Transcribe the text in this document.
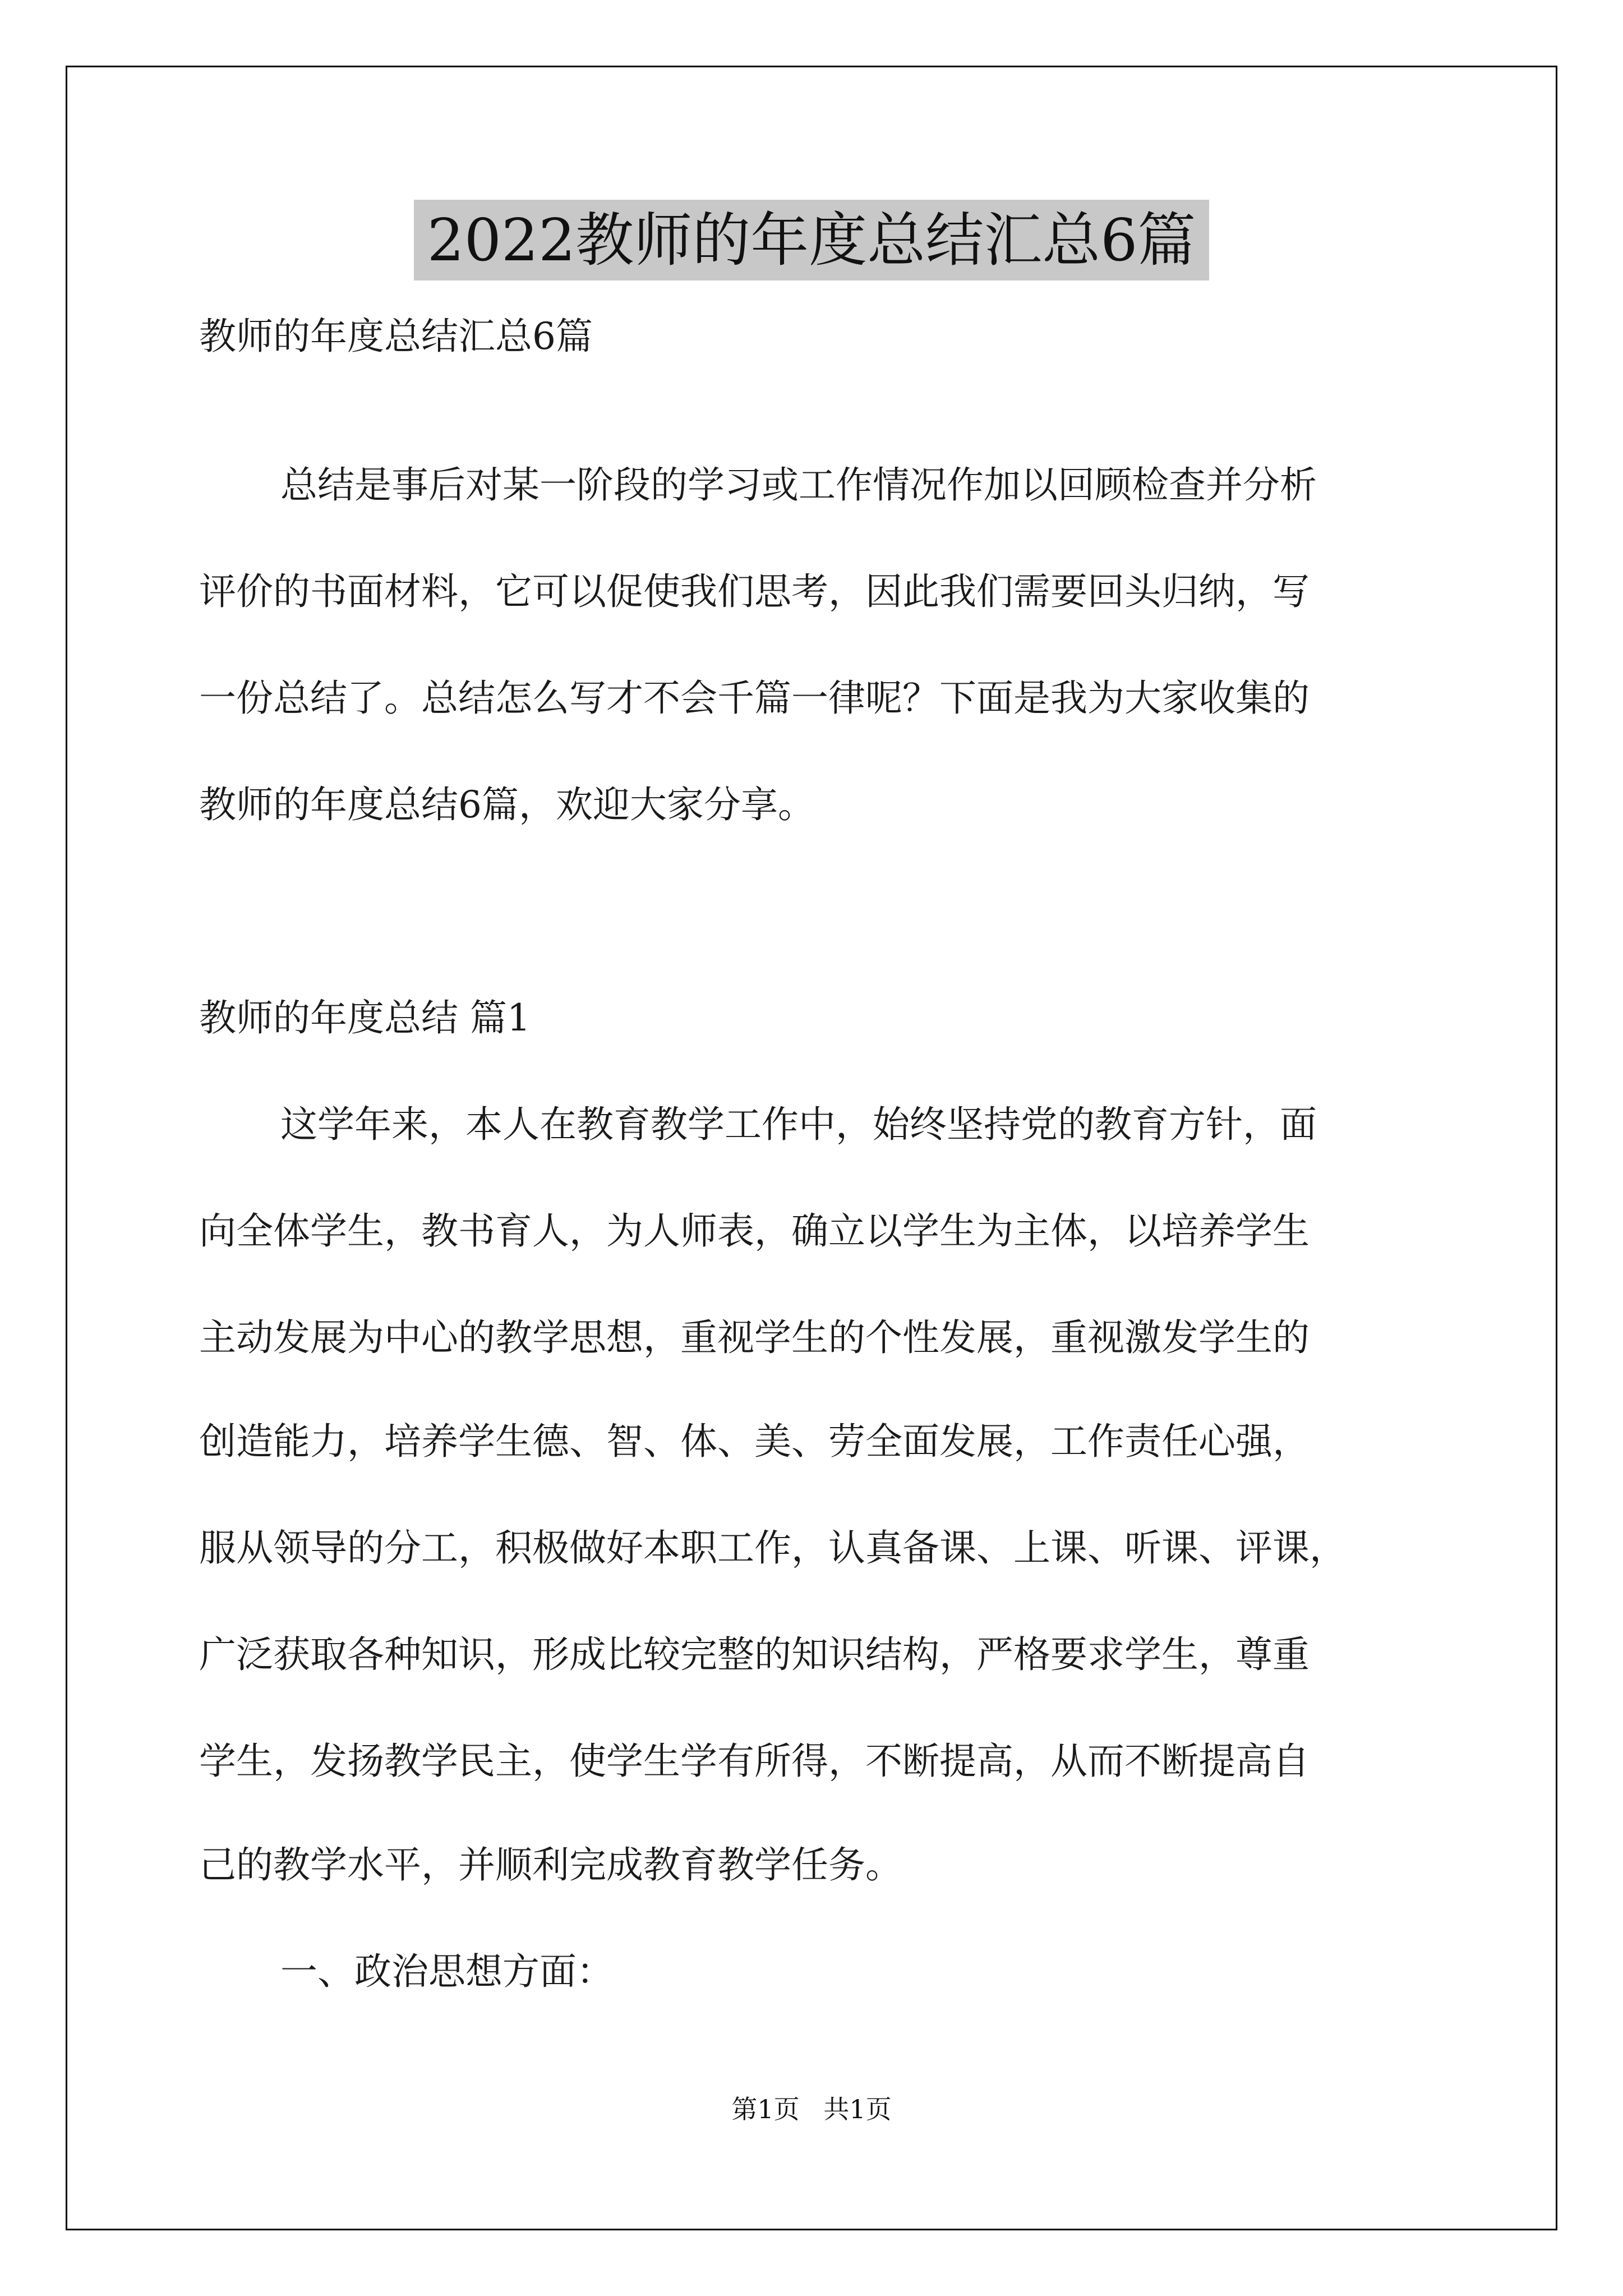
2022教师的年度总结汇总6篇
教师的年度总结汇总6篇
总结是事后对某一阶段的学习或工作情况作加以回顾检查并分析
评价的书面材料，它可以促使我们思考，因此我们需要回头归纳，写
一份总结了。总结怎么写才不会千篇一律呢？下面是我为大家收集的
教师的年度总结6篇，欢迎大家分享。
教师的年度总结 篇1
这学年来，本人在教育教学工作中，始终坚持党的教育方针，面
向全体学生，教书育人，为人师表，确立以学生为主体，以培养学生
主动发展为中心的教学思想，重视学生的个性发展，重视激发学生的
创造能力，培养学生德、智、体、美、劳全面发展，工作责任心强，
服从领导的分工，积极做好本职工作，认真备课、上课、听课、评课，
广泛获取各种知识，形成比较完整的知识结构，严格要求学生，尊重
学生，发扬教学民主，使学生学有所得，不断提高，从而不断提高自
己的教学水平，并顺利完成教育教学任务。
一、政治思想方面：
第1页 共1页
